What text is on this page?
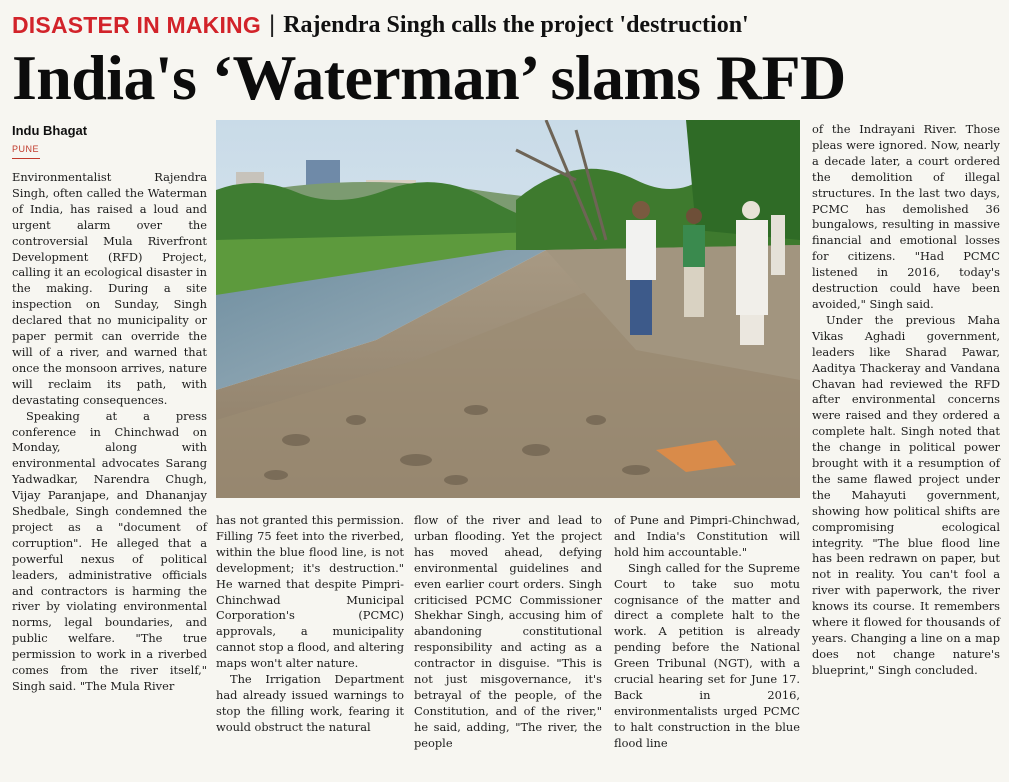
DISASTER IN MAKING | Rajendra Singh calls the project 'destruction'
India's ‘Waterman’ slams RFD
Indu Bhagat
PUNE

Environmentalist Rajendra Singh, often called the Waterman of India, has raised a loud and urgent alarm over the controversial Mula Riverfront Development (RFD) Project, calling it an ecological disaster in the making. During a site inspection on Sunday, Singh declared that no municipality or paper permit can override the will of a river, and warned that once the monsoon arrives, nature will reclaim its path, with devastating consequences.

Speaking at a press conference in Chinchwad on Monday, along with environmental advocates Sarang Yadwadkar, Narendra Chugh, Vijay Paranjape, and Dhananjay Shedbale, Singh condemned the project as a "document of corruption". He alleged that a powerful nexus of political leaders, administrative officials and contractors is harming the river by violating environmental norms, legal boundaries, and public welfare. "The true permission to work in a riverbed comes from the river itself," Singh said. "The Mula River

has not granted this permission. Filling 75 feet into the riverbed, within the blue flood line, is not development; it's destruction." He warned that despite Pimpri-Chinchwad Municipal Corporation's (PCMC) approvals, a municipality cannot stop a flood, and altering maps won't alter nature.

The Irrigation Department had already issued warnings to stop the filling work, fearing it would obstruct the natural

flow of the river and lead to urban flooding. Yet the project has moved ahead, defying environmental guidelines and even earlier court orders. Singh criticised PCMC Commissioner Shekhar Singh, accusing him of abandoning constitutional responsibility and acting as a contractor in disguise. "This is not just misgovernance, it's betrayal of the people, of the Constitution, and of the river," he said, adding, "The river, the people

of Pune and Pimpri-Chinchwad, and India's Constitution will hold him accountable."

Singh called for the Supreme Court to take suo motu cognisance of the matter and direct a complete halt to the work. A petition is already pending before the National Green Tribunal (NGT), with a crucial hearing set for June 17. Back in 2016, environmentalists urged PCMC to halt construction in the blue flood line

of the Indrayani River. Those pleas were ignored. Now, nearly a decade later, a court ordered the demolition of illegal structures. In the last two days, PCMC has demolished 36 bungalows, resulting in massive financial and emotional losses for citizens. "Had PCMC listened in 2016, today's destruction could have been avoided," Singh said.

Under the previous Maha Vikas Aghadi government, leaders like Sharad Pawar, Aaditya Thackeray and Vandana Chavan had reviewed the RFD after environmental concerns were raised and they ordered a complete halt. Singh noted that the change in political power brought with it a resumption of the same flawed project under the Mahayuti government, showing how political shifts are compromising ecological integrity. "The blue flood line has been redrawn on paper, but not in reality. You can't fool a river with paperwork, the river knows its course. It remembers where it flowed for thousands of years. Changing a line on a map does not change nature's blueprint," Singh concluded.
